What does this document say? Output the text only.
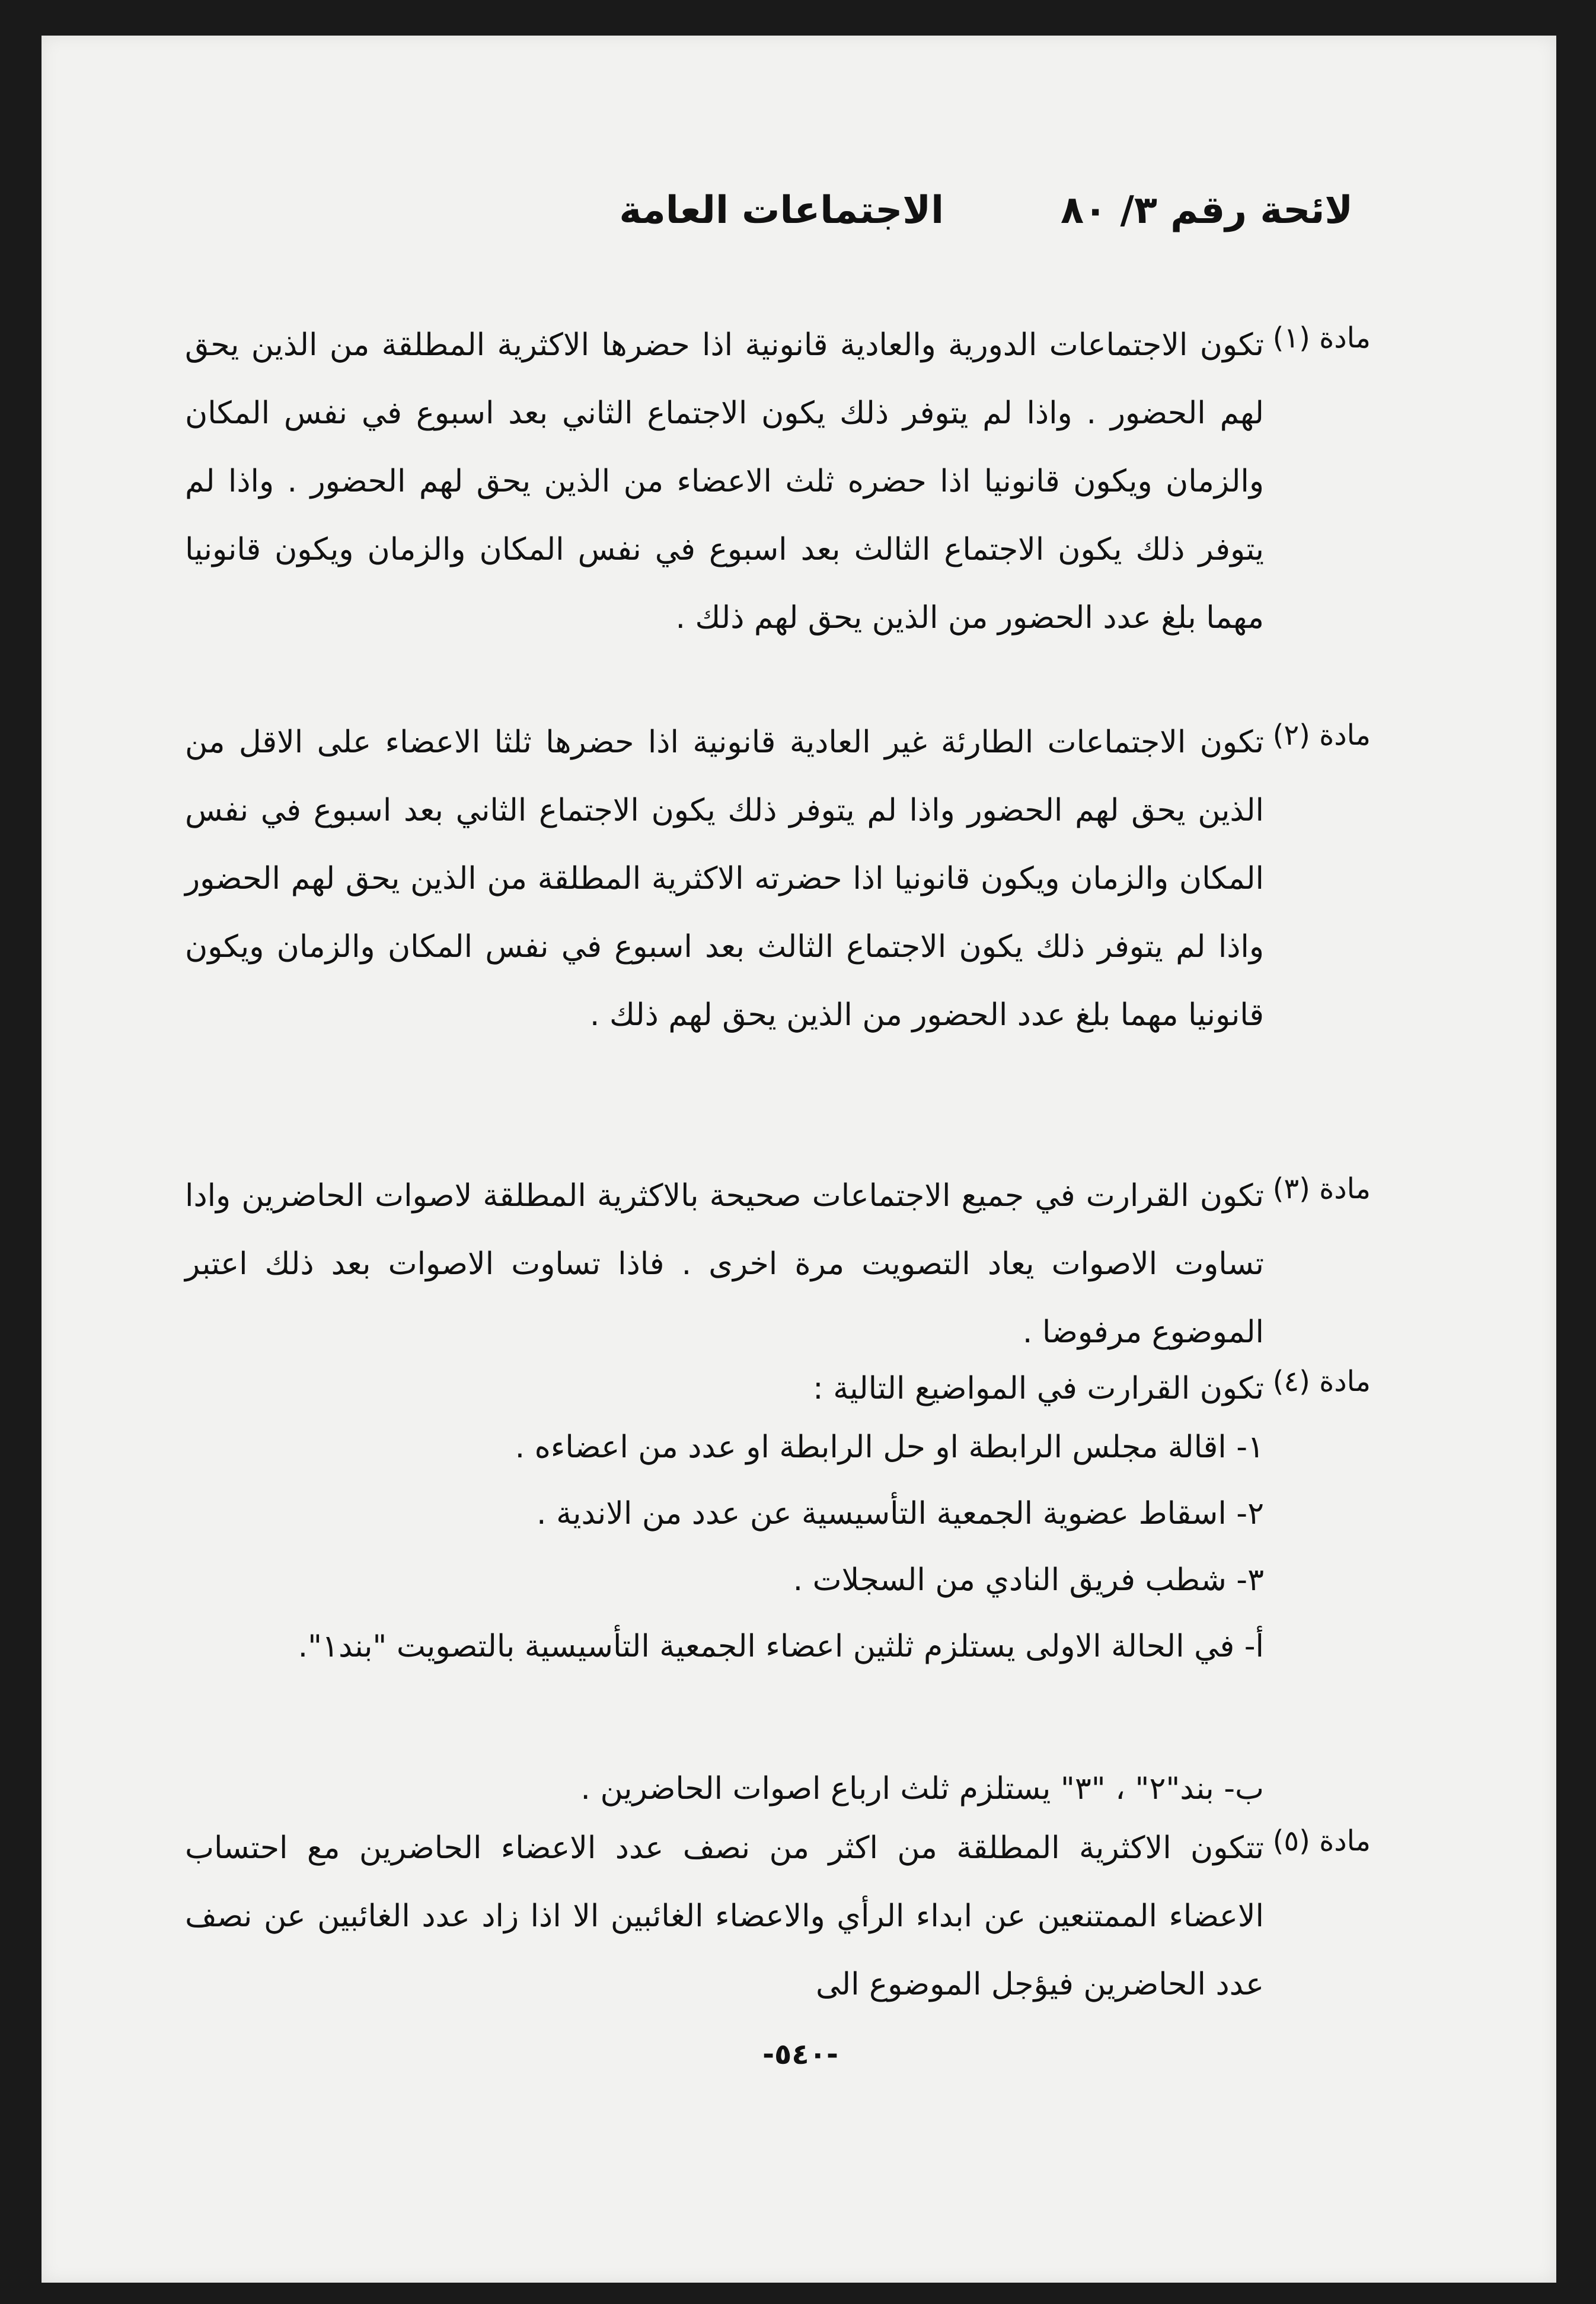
لائحة رقم ٣/ ٨٠
الاجتماعات العامة
مادة (١)
تكون الاجتماعات الدورية والعادية قانونية اذا حضرها الاكثرية المطلقة من الذين يحق لهم الحضور . واذا لم يتوفر ذلك يكون الاجتماع الثاني بعد اسبوع في نفس المكان والزمان ويكون قانونيا اذا حضره ثلث الاعضاء من الذين يحق لهم الحضور . واذا لم يتوفر ذلك يكون الاجتماع الثالث بعد اسبوع في نفس المكان والزمان ويكون قانونيا مهما بلغ عدد الحضور من الذين يحق لهم ذلك .
مادة (٢)
تكون الاجتماعات الطارئة غير العادية قانونية اذا حضرها ثلثا الاعضاء على الاقل من الذين يحق لهم الحضور واذا لم يتوفر ذلك يكون الاجتماع الثاني بعد اسبوع في نفس المكان والزمان ويكون قانونيا اذا حضرته الاكثرية المطلقة من الذين يحق لهم الحضور واذا لم يتوفر ذلك يكون الاجتماع الثالث بعد اسبوع في نفس المكان والزمان ويكون قانونيا مهما بلغ عدد الحضور من الذين يحق لهم ذلك .
مادة (٣)
تكون القرارت في جميع الاجتماعات صحيحة بالاكثرية المطلقة لاصوات الحاضرين وادا تساوت الاصوات يعاد التصويت مرة اخرى . فاذا تساوت الاصوات بعد ذلك اعتبر الموضوع مرفوضا .
مادة (٤)
تكون القرارت في المواضيع التالية :
١- اقالة مجلس الرابطة او حل الرابطة او عدد من اعضاءه .
٢- اسقاط عضوية الجمعية التأسيسية عن عدد من الاندية .
٣- شطب فريق النادي من السجلات .
أ- في الحالة الاولى يستلزم ثلثين اعضاء الجمعية التأسيسية بالتصويت "بند١".
ب- بند"٢" ، "٣" يستلزم ثلث ارباع اصوات الحاضرين .
مادة (٥)
تتكون الاكثرية المطلقة من اكثر من نصف عدد الاعضاء الحاضرين مع احتساب الاعضاء الممتنعين عن ابداء الرأي والاعضاء الغائبين الا اذا زاد عدد الغائبين عن نصف عدد الحاضرين فيؤجل الموضوع الى
-٥٤٠-
